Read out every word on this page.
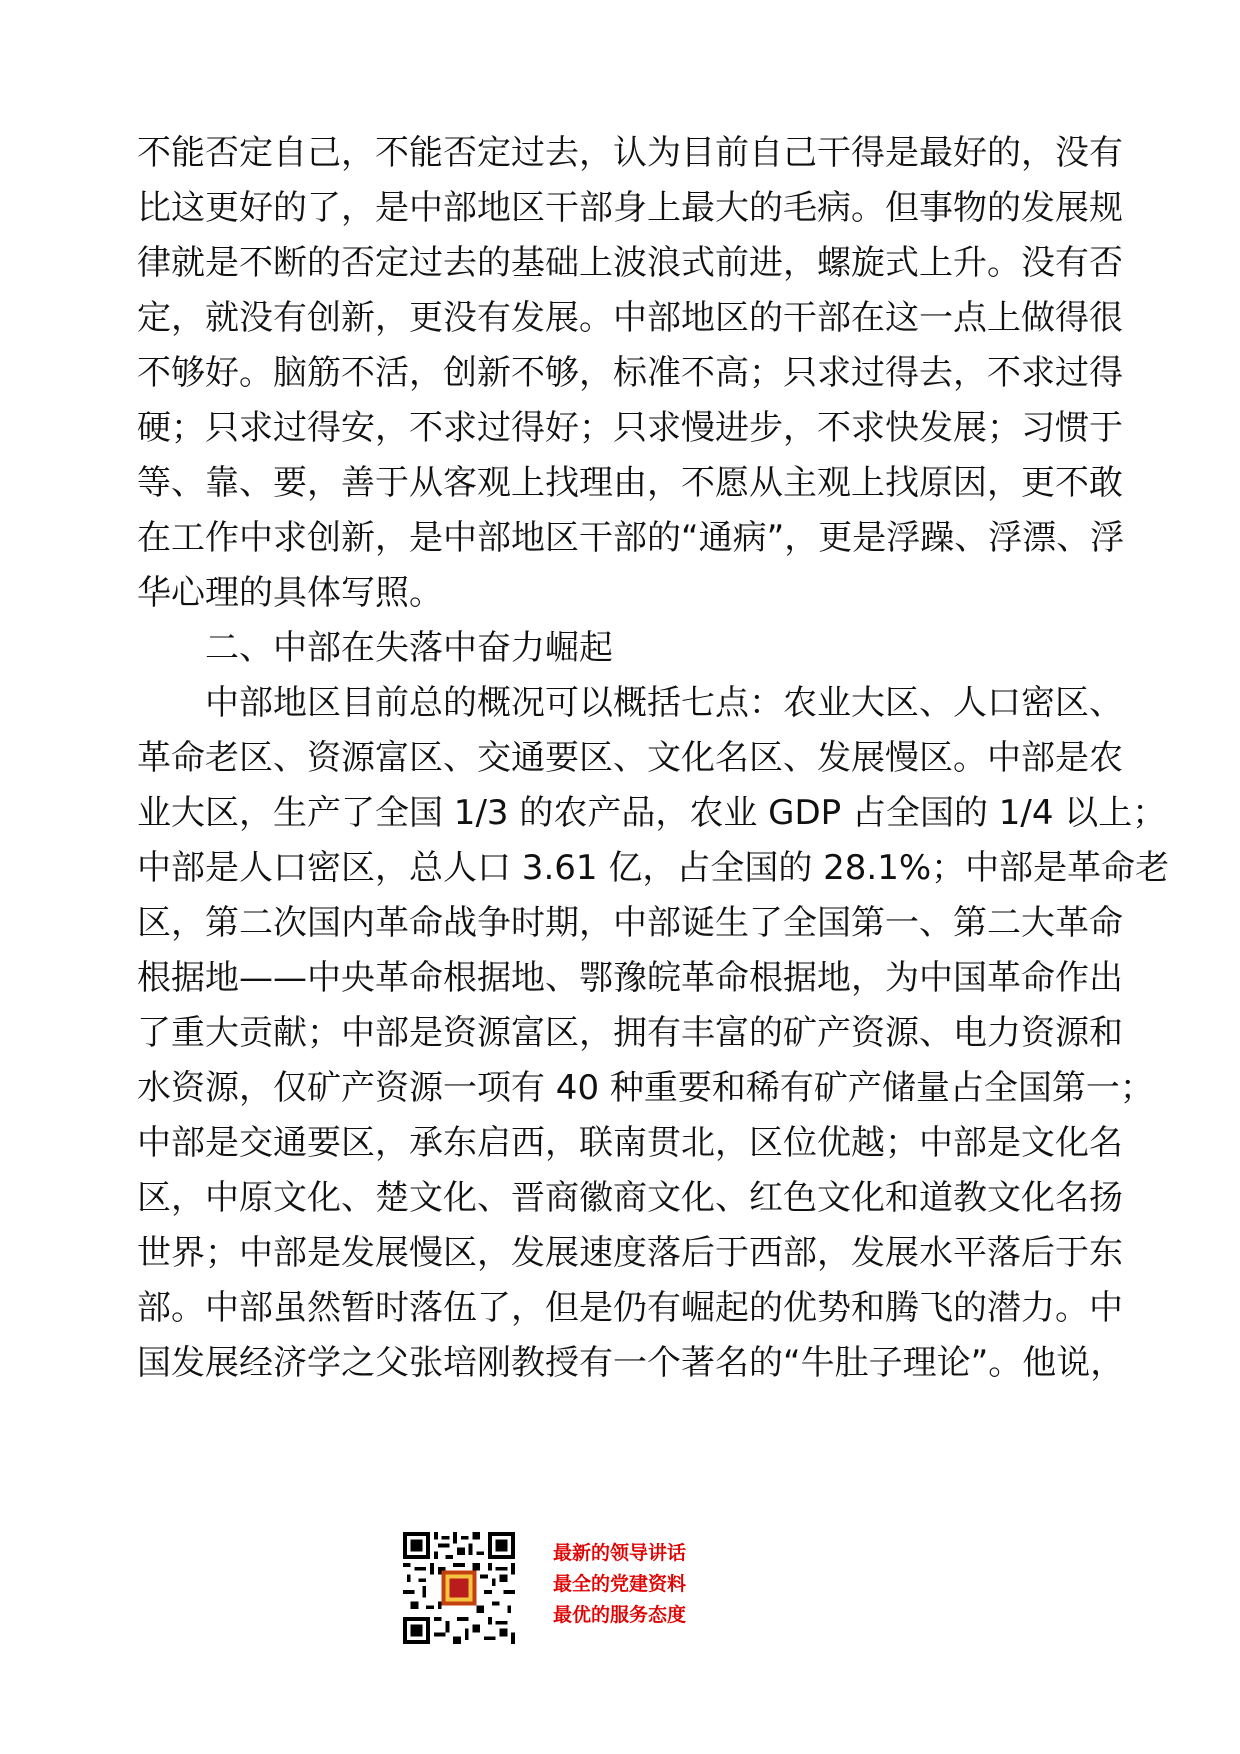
不能否定自己，不能否定过去，认为目前自己干得是最好的，没有
比这更好的了，是中部地区干部身上最大的毛病。但事物的发展规
律就是不断的否定过去的基础上波浪式前进，螺旋式上升。没有否
定，就没有创新，更没有发展。中部地区的干部在这一点上做得很
不够好。脑筋不活，创新不够，标准不高；只求过得去，不求过得
硬；只求过得安，不求过得好；只求慢进步，不求快发展；习惯于
等、靠、要，善于从客观上找理由，不愿从主观上找原因，更不敢
在工作中求创新，是中部地区干部的“通病”，更是浮躁、浮漂、浮
华心理的具体写照。
二、中部在失落中奋力崛起
中部地区目前总的概况可以概括七点：农业大区、人口密区、
革命老区、资源富区、交通要区、文化名区、发展慢区。中部是农
业大区，生产了全国 1/3 的农产品，农业 GDP 占全国的 1/4 以上；
中部是人口密区，总人口 3.61 亿，占全国的 28.1%；中部是革命老
区，第二次国内革命战争时期，中部诞生了全国第一、第二大革命
根据地——中央革命根据地、鄂豫皖革命根据地，为中国革命作出
了重大贡献；中部是资源富区，拥有丰富的矿产资源、电力资源和
水资源，仅矿产资源一项有 40 种重要和稀有矿产储量占全国第一；
中部是交通要区，承东启西，联南贯北，区位优越；中部是文化名
区，中原文化、楚文化、晋商徽商文化、红色文化和道教文化名扬
世界；中部是发展慢区，发展速度落后于西部，发展水平落后于东
部。中部虽然暂时落伍了，但是仍有崛起的优势和腾飞的潜力。中
国发展经济学之父张培刚教授有一个著名的“牛肚子理论”。他说，
最新的领导讲话
最全的党建资料
最优的服务态度
